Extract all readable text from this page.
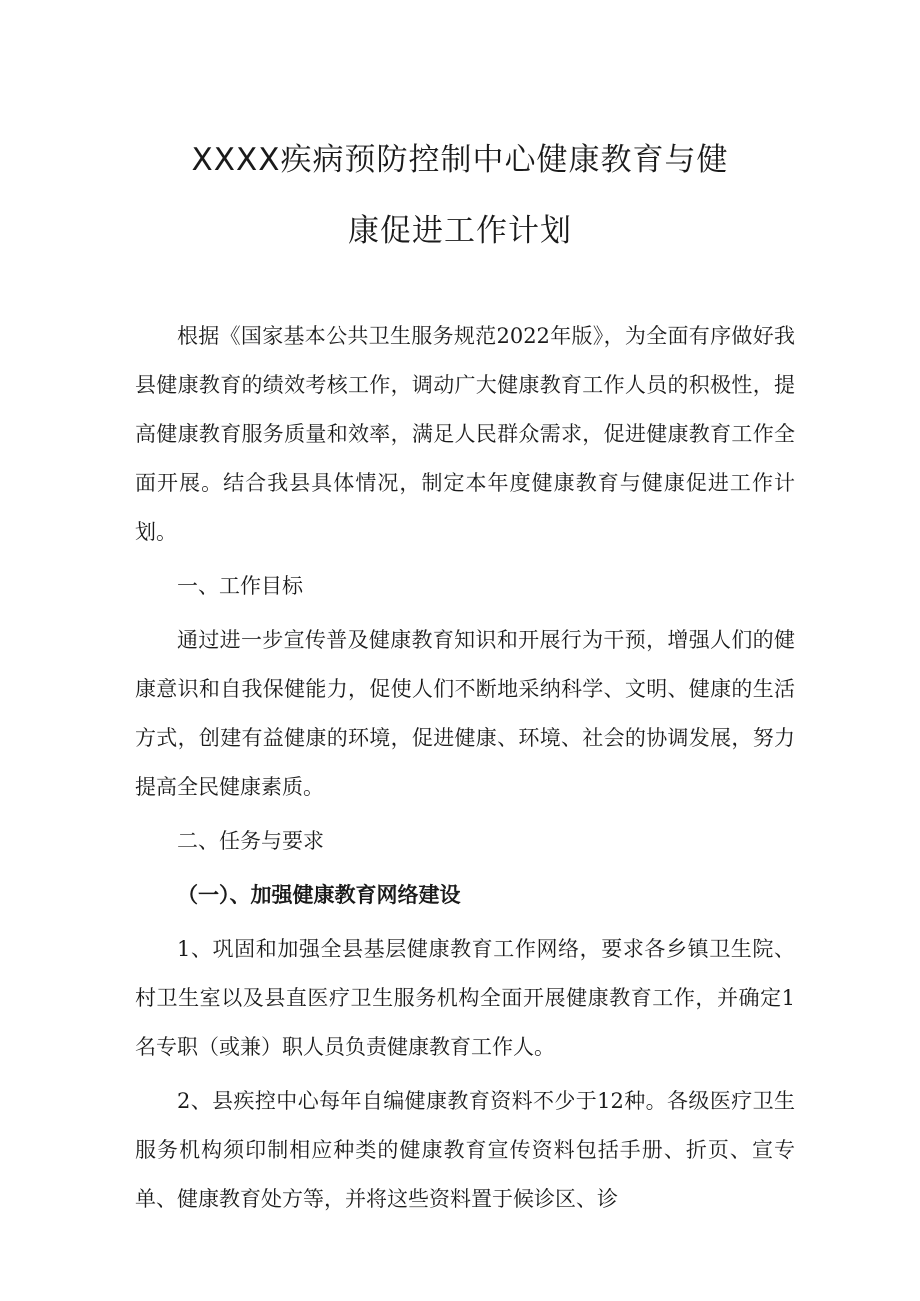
XXXX疾病预防控制中心健康教育与健
康促进工作计划

根据《国家基本公共卫生服务规范2022年版》，为全面有序做好我县健康教育的绩效考核工作，调动广大健康教育工作人员的积极性，提高健康教育服务质量和效率，满足人民群众需求，促进健康教育工作全面开展。结合我县具体情况，制定本年度健康教育与健康促进工作计划。

一、工作目标

通过进一步宣传普及健康教育知识和开展行为干预，增强人们的健康意识和自我保健能力，促使人们不断地采纳科学、文明、健康的生活方式，创建有益健康的环境，促进健康、环境、社会的协调发展，努力提高全民健康素质。

二、任务与要求

（一）、加强健康教育网络建设

1、巩固和加强全县基层健康教育工作网络，要求各乡镇卫生院、村卫生室以及县直医疗卫生服务机构全面开展健康教育工作，并确定1名专职（或兼）职人员负责健康教育工作人。

2、县疾控中心每年自编健康教育资料不少于12种。各级医疗卫生服务机构须印制相应种类的健康教育宣传资料包括手册、折页、宣专单、健康教育处方等，并将这些资料置于候诊区、诊
